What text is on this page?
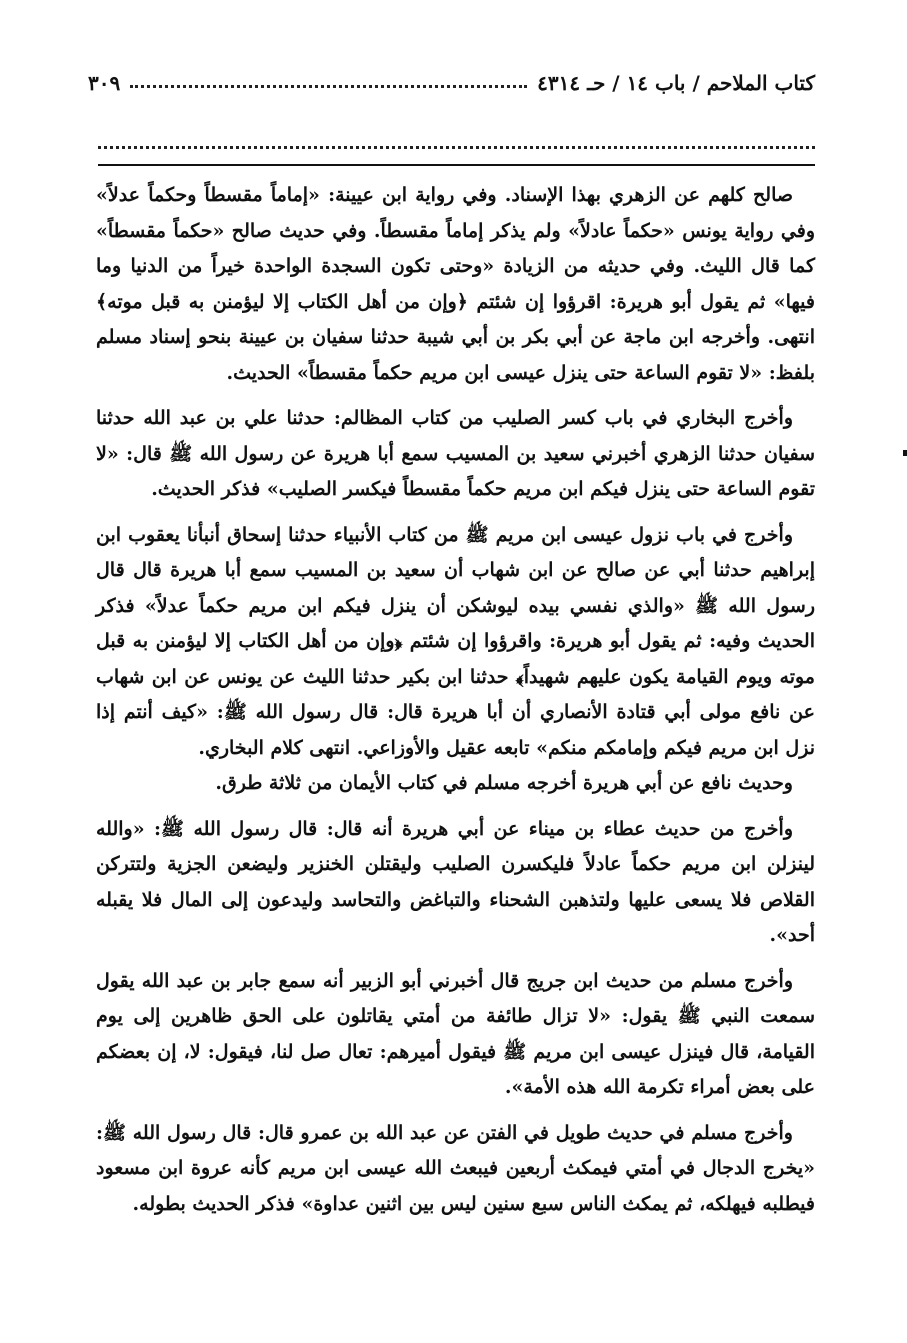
كتاب الملاحم / باب ١٤ / حـ ٤٣١٤
٣٠٩

صالح كلهم عن الزهري بهذا الإسناد. وفي رواية ابن عيينة: «إماماً مقسطاً وحكماً عدلاً» وفي رواية يونس «حكماً عادلاً» ولم يذكر إماماً مقسطاً. وفي حديث صالح «حكماً مقسطاً» كما قال الليث. وفي حديثه من الزيادة «وحتى تكون السجدة الواحدة خيراً من الدنيا وما فيها» ثم يقول أبو هريرة: اقرؤوا إن شئتم ﴿وإن من أهل الكتاب إلا ليؤمنن به قبل موته﴾ انتهى. وأخرجه ابن ماجة عن أبي بكر بن أبي شيبة حدثنا سفيان بن عيينة بنحو إسناد مسلم بلفظ: «لا تقوم الساعة حتى ينزل عيسى ابن مريم حكماً مقسطاً» الحديث.

وأخرج البخاري في باب كسر الصليب من كتاب المظالم: حدثنا علي بن عبد الله حدثنا سفيان حدثنا الزهري أخبرني سعيد بن المسيب سمع أبا هريرة عن رسول الله ﷺ قال: «لا تقوم الساعة حتى ينزل فيكم ابن مريم حكماً مقسطاً فيكسر الصليب» فذكر الحديث.

وأخرج في باب نزول عيسى ابن مريم ﷺ من كتاب الأنبياء حدثنا إسحاق أنبأنا يعقوب ابن إبراهيم حدثنا أبي عن صالح عن ابن شهاب أن سعيد بن المسيب سمع أبا هريرة قال قال رسول الله ﷺ «والذي نفسي بيده ليوشكن أن ينزل فيكم ابن مريم حكماً عدلاً» فذكر الحديث وفيه: ثم يقول أبو هريرة: واقرؤوا إن شئتم ﴿وإن من أهل الكتاب إلا ليؤمنن به قبل موته ويوم القيامة يكون عليهم شهيداً﴾ حدثنا ابن بكير حدثنا الليث عن يونس عن ابن شهاب عن نافع مولى أبي قتادة الأنصاري أن أبا هريرة قال: قال رسول الله ﷺ: «كيف أنتم إذا نزل ابن مريم فيكم وإمامكم منكم» تابعه عقيل والأوزاعي. انتهى كلام البخاري.

وحديث نافع عن أبي هريرة أخرجه مسلم في كتاب الأيمان من ثلاثة طرق.

وأخرج من حديث عطاء بن ميناء عن أبي هريرة أنه قال: قال رسول الله ﷺ: «والله لينزلن ابن مريم حكماً عادلاً فليكسرن الصليب وليقتلن الخنزير وليضعن الجزية ولتتركن القلاص فلا يسعى عليها ولتذهبن الشحناء والتباغض والتحاسد وليدعون إلى المال فلا يقبله أحد».

وأخرج مسلم من حديث ابن جريج قال أخبرني أبو الزبير أنه سمع جابر بن عبد الله يقول سمعت النبي ﷺ يقول: «لا تزال طائفة من أمتي يقاتلون على الحق ظاهرين إلى يوم القيامة، قال فينزل عيسى ابن مريم ﷺ فيقول أميرهم: تعال صل لنا، فيقول: لا، إن بعضكم على بعض أمراء تكرمة الله هذه الأمة».

وأخرج مسلم في حديث طويل في الفتن عن عبد الله بن عمرو قال: قال رسول الله ﷺ: «يخرج الدجال في أمتي فيمكث أربعين فيبعث الله عيسى ابن مريم كأنه عروة ابن مسعود فيطلبه فيهلكه، ثم يمكث الناس سبع سنين ليس بين اثنين عداوة» فذكر الحديث بطوله.
